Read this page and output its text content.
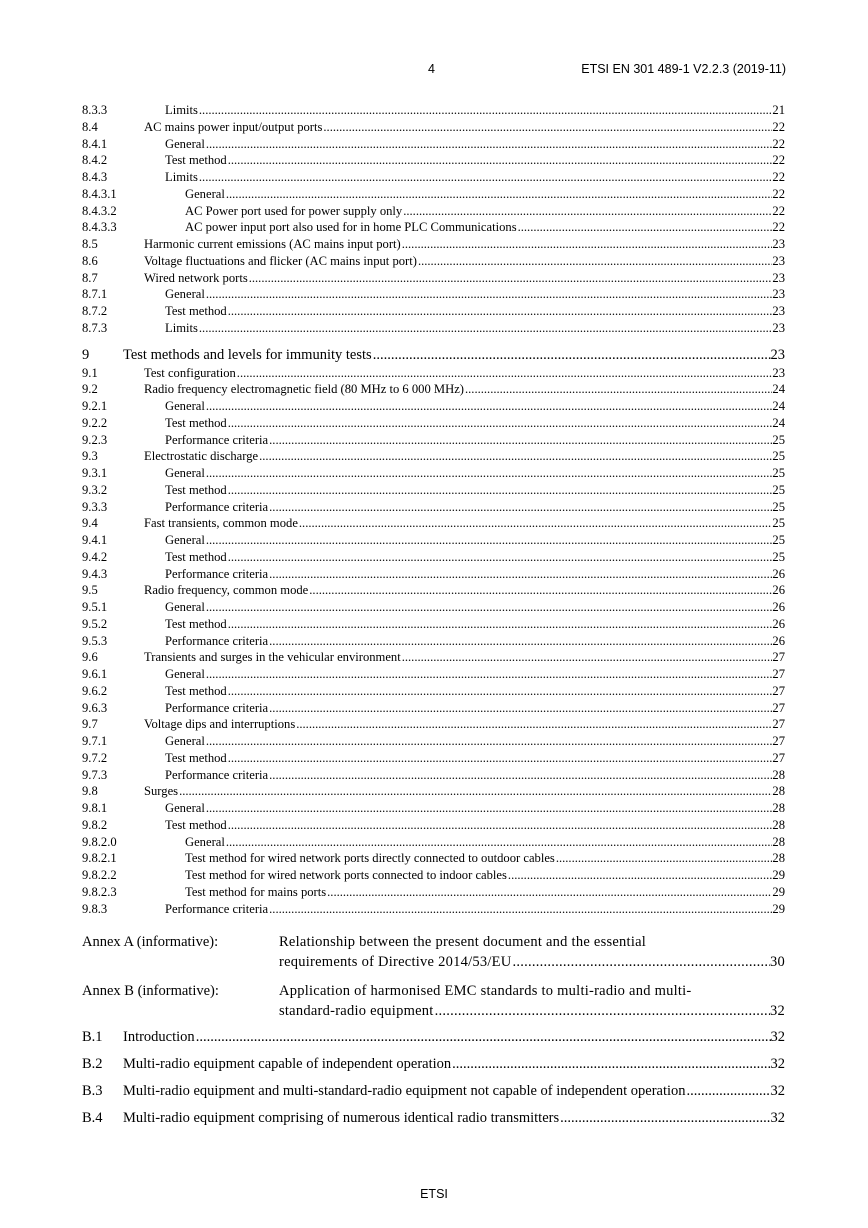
4	ETSI EN 301 489-1 V2.2.3 (2019-11)
8.3.3	Limits .....	21
8.4	AC mains power input/output ports .....	22
8.4.1	General .....	22
8.4.2	Test method .....	22
8.4.3	Limits .....	22
8.4.3.1	General .....	22
8.4.3.2	AC Power port used for power supply only .....	22
8.4.3.3	AC power input port also used for in home PLC Communications .....	22
8.5	Harmonic current emissions (AC mains input port) .....	23
8.6	Voltage fluctuations and flicker (AC mains input port) .....	23
8.7	Wired network ports .....	23
8.7.1	General .....	23
8.7.2	Test method .....	23
8.7.3	Limits .....	23
9 Test methods and levels for immunity tests .....	23
9.1	Test configuration .....	23
9.2	Radio frequency electromagnetic field (80 MHz to 6 000 MHz) .....	24
9.2.1	General .....	24
9.2.2	Test method .....	24
9.2.3	Performance criteria .....	25
9.3	Electrostatic discharge .....	25
9.3.1	General .....	25
9.3.2	Test method .....	25
9.3.3	Performance criteria .....	25
9.4	Fast transients, common mode .....	25
9.4.1	General .....	25
9.4.2	Test method .....	25
9.4.3	Performance criteria .....	26
9.5	Radio frequency, common mode .....	26
9.5.1	General .....	26
9.5.2	Test method .....	26
9.5.3	Performance criteria .....	26
9.6	Transients and surges in the vehicular environment .....	27
9.6.1	General .....	27
9.6.2	Test method .....	27
9.6.3	Performance criteria .....	27
9.7	Voltage dips and interruptions .....	27
9.7.1	General .....	27
9.7.2	Test method .....	27
9.7.3	Performance criteria .....	28
9.8	Surges .....	28
9.8.1	General .....	28
9.8.2	Test method .....	28
9.8.2.0	General .....	28
9.8.2.1	Test method for wired network ports directly connected to outdoor cables .....	28
9.8.2.2	Test method for wired network ports connected to indoor cables .....	29
9.8.2.3	Test method for mains ports .....	29
9.8.3	Performance criteria .....	29
Annex A (informative):	Relationship between the present document and the essential
requirements of Directive 2014/53/EU .....	30
Annex B (informative):	Application of harmonised EMC standards to multi-radio and multi-
standard-radio equipment .....	32
B.1 Introduction .....	32
B.2 Multi-radio equipment capable of independent operation .....	32
B.3 Multi-radio equipment and multi-standard-radio equipment not capable of independent operation .....	32
B.4 Multi-radio equipment comprising of numerous identical radio transmitters .....	32
ETSI
